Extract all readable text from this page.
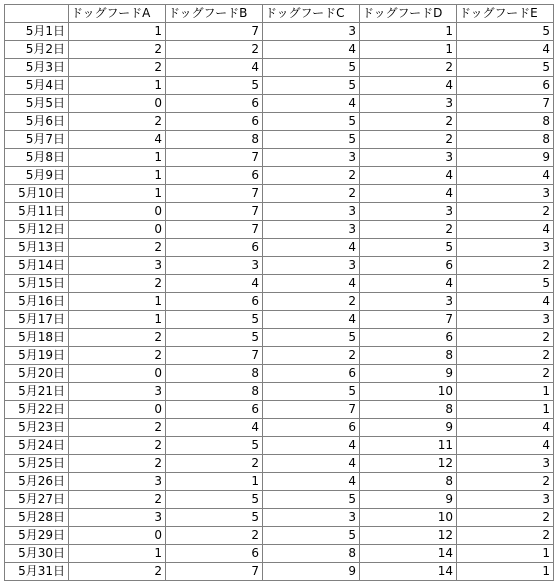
	ドッグフードA	ドッグフードB	ドッグフードC	ドッグフードD	ドッグフードE
5月1日	1	7	3	1	5
5月2日	2	2	4	1	4
5月3日	2	4	5	2	5
5月4日	1	5	5	4	6
5月5日	0	6	4	3	7
5月6日	2	6	5	2	8
5月7日	4	8	5	2	8
5月8日	1	7	3	3	9
5月9日	1	6	2	4	4
5月10日	1	7	2	4	3
5月11日	0	7	3	3	2
5月12日	0	7	3	2	4
5月13日	2	6	4	5	3
5月14日	3	3	3	6	2
5月15日	2	4	4	4	5
5月16日	1	6	2	3	4
5月17日	1	5	4	7	3
5月18日	2	5	5	6	2
5月19日	2	7	2	8	2
5月20日	0	8	6	9	2
5月21日	3	8	5	10	1
5月22日	0	6	7	8	1
5月23日	2	4	6	9	4
5月24日	2	5	4	11	4
5月25日	2	2	4	12	3
5月26日	3	1	4	8	2
5月27日	2	5	5	9	3
5月28日	3	5	3	10	2
5月29日	0	2	5	12	2
5月30日	1	6	8	14	1
5月31日	2	7	9	14	1
